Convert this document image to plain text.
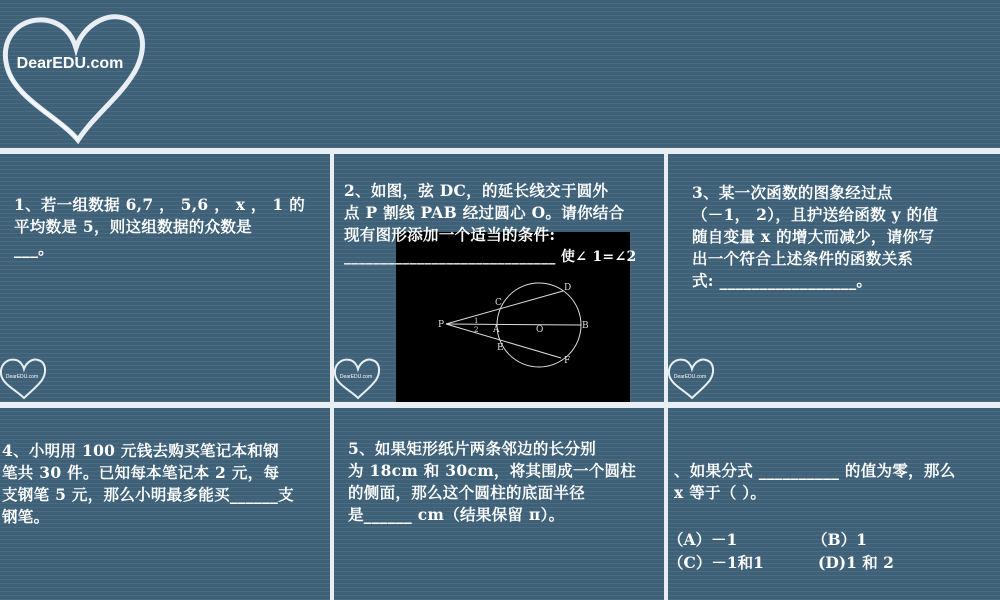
DearEDU.com
1、若一组数据 6,7 ， 5,6 ， x ， 1 的
平均数是 5，则这组数据的众数是
___。
DearEDU.com
P
C
D
A	O	B
E
F
1
2
2、如图，弦 DC，的延长线交于圆外
点 P 割线 PAB 经过圆心 O。请你结合
现有图形添加一个适当的条件:
_____________________________ 使∠ 1=∠2
DearEDU.com
3、某一次函数的图象经过点
（－1， 2），且护送给函数 y 的值
随自变量 x 的增大而减少，请你写
出一个符合上述条件的函数关系
式: _________________。
DearEDU.com
4、小明用 100 元钱去购买笔记本和钢
笔共 30 件。已知每本笔记本 2 元，每
支钢笔 5 元，那么小明最多能买______支
钢笔。
5、如果矩形纸片两条邻边的长分别
为 18cm 和 30cm，将其围成一个圆柱
的侧面，那么这个圆柱的底面半径
是______ cm（结果保留 π）。
、如果分式 __________ 的值为零，那么
x 等于（ ）。
（A）－1	（B）1
（C）－1和1	(D)1 和 2
